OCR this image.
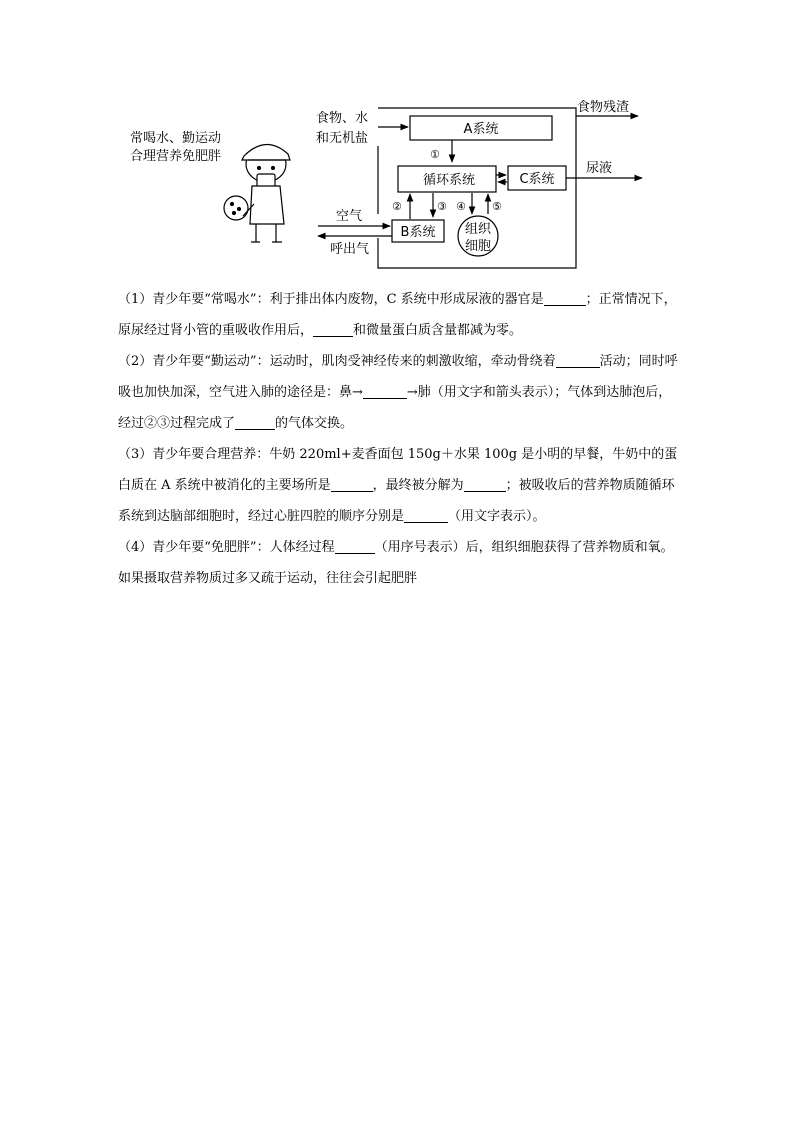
常喝水、勤运动
合理营养免肥胖
食物、水
和无机盐
A系统
食物残渣
①
循环系统	C系统
尿液
B系统
②	③
组织
细胞
④ ⑤
空气
呼出气

（1）青少年要“常喝水”：利于排出体内废物，C 系统中形成尿液的器官是	；正常情况下，原尿经过肾小管的重吸收作用后，	和微量蛋白质含量都减为零。

（2）青少年要“勤运动”：运动时，肌肉受神经传来的刺激收缩，牵动骨绕着	活动；同时呼吸也加快加深，空气进入肺的途径是：鼻→	→肺（用文字和箭头表示）；气体到达肺泡后，经过②③过程完成了	的气体交换。

（3）青少年要合理营养：牛奶 220ml+麦香面包 150g＋水果 100g 是小明的早餐，牛奶中的蛋白质在 A 系统中被消化的主要场所是	，最终被分解为	；被吸收后的营养物质随循环系统到达脑部细胞时，经过心脏四腔的顺序分别是	（用文字表示）。

（4）青少年要“免肥胖”：人体经过程	（用序号表示）后，组织细胞获得了营养物质和氧。如果摄取营养物质过多又疏于运动，往往会引起肥胖
